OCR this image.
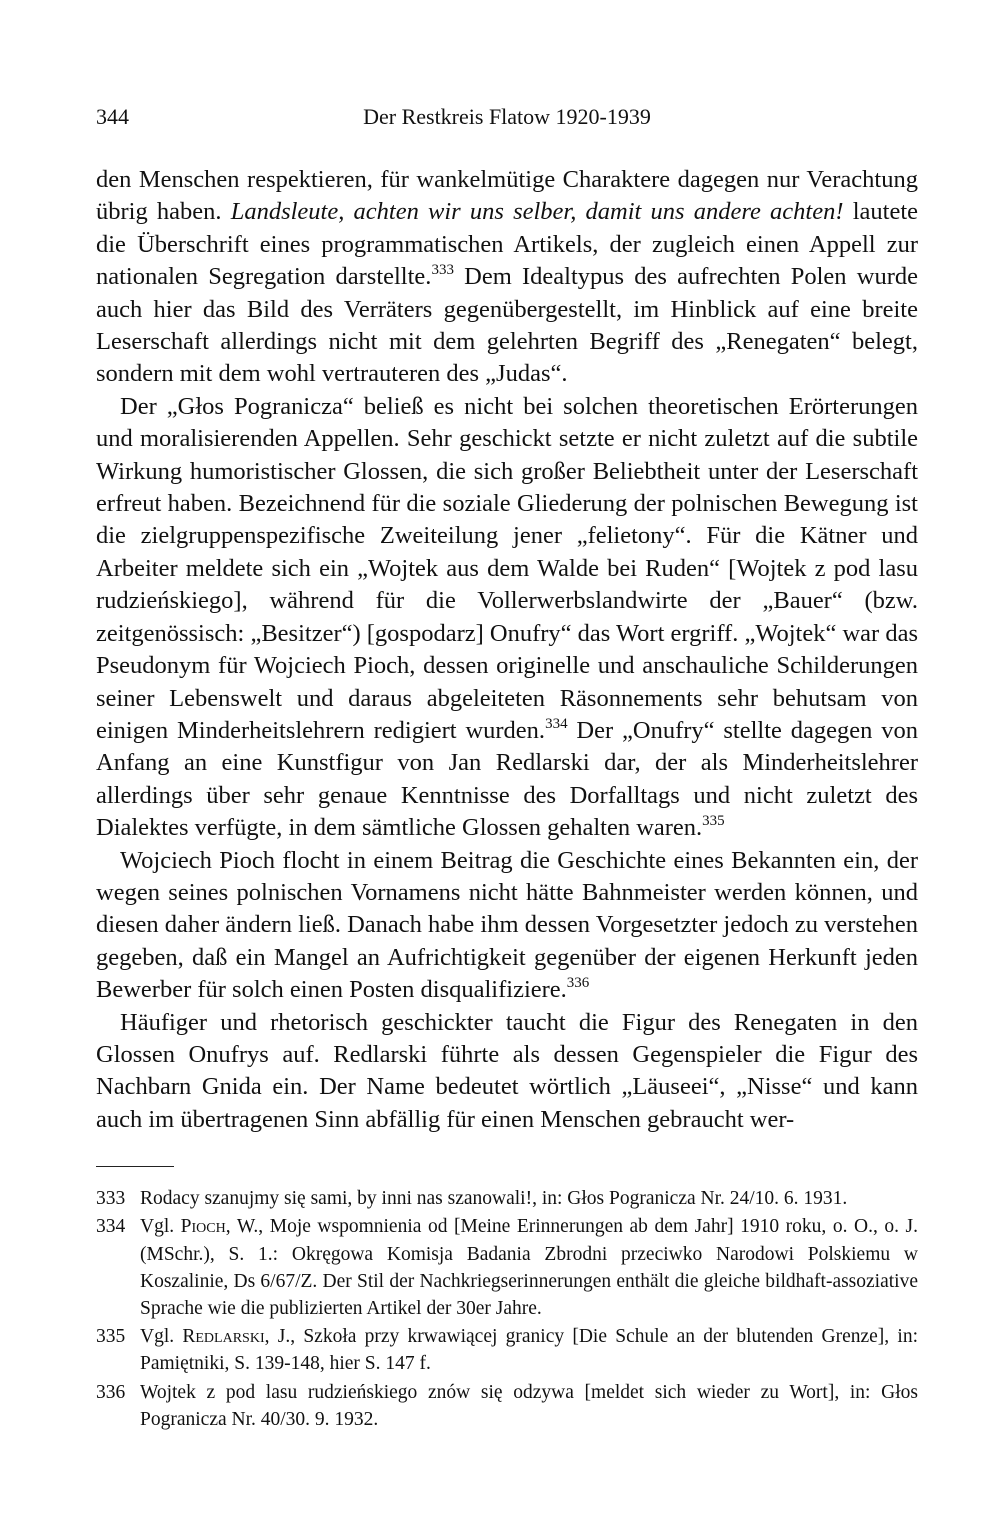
344	Der Restkreis Flatow 1920-1939

den Menschen respektieren, für wankelmütige Charaktere dagegen nur Verachtung übrig haben. Landsleute, achten wir uns selber, damit uns andere achten! lautete die Überschrift eines programmatischen Artikels, der zugleich einen Appell zur nationalen Segregation darstellte.$^{333}$ Dem Idealtypus des aufrechten Polen wurde auch hier das Bild des Verräters gegenübergestellt, im Hinblick auf eine breite Leserschaft allerdings nicht mit dem gelehrten Begriff des „Renegaten“ belegt, sondern mit dem wohl vertrauteren des „Judas“.

Der „Głos Pogranicza“ beließ es nicht bei solchen theoretischen Erörterungen und moralisierenden Appellen. Sehr geschickt setzte er nicht zuletzt auf die subtile Wirkung humoristischer Glossen, die sich großer Beliebtheit unter der Leserschaft erfreut haben. Bezeichnend für die soziale Gliederung der polnischen Bewegung ist die zielgruppenspezifische Zweiteilung jener „felietony“. Für die Kätner und Arbeiter meldete sich ein „Wojtek aus dem Walde bei Ruden“ [Wojtek z pod lasu rudzieńskiego], während für die Vollerwerbslandwirte der „Bauer“ (bzw. zeitgenössisch: „Besitzer“) [gospodarz] Onufry“ das Wort ergriff. „Wojtek“ war das Pseudonym für Wojciech Pioch, dessen originelle und anschauliche Schilderungen seiner Lebenswelt und daraus abgeleiteten Räsonnements sehr behutsam von einigen Minderheitslehrern redigiert wurden.$^{334}$ Der „Onufry“ stellte dagegen von Anfang an eine Kunstfigur von Jan Redlarski dar, der als Minderheitslehrer allerdings über sehr genaue Kenntnisse des Dorfalltags und nicht zuletzt des Dialektes verfügte, in dem sämtliche Glossen gehalten waren.$^{335}$

Wojciech Pioch flocht in einem Beitrag die Geschichte eines Bekannten ein, der wegen seines polnischen Vornamens nicht hätte Bahnmeister werden können, und diesen daher ändern ließ. Danach habe ihm dessen Vorgesetzter jedoch zu verstehen gegeben, daß ein Mangel an Aufrichtigkeit gegenüber der eigenen Herkunft jeden Bewerber für solch einen Posten disqualifiziere.$^{336}$

Häufiger und rhetorisch geschickter taucht die Figur des Renegaten in den Glossen Onufrys auf. Redlarski führte als dessen Gegenspieler die Figur des Nachbarn Gnida ein. Der Name bedeutet wörtlich „Läuseei“, „Nisse“ und kann auch im übertragenen Sinn abfällig für einen Menschen gebraucht wer-

333 Rodacy szanujmy się sami, by inni nas szanowali!, in: Głos Pogranicza Nr. 24/10. 6. 1931.
334 Vgl. Pioch, W., Moje wspomnienia od [Meine Erinnerungen ab dem Jahr] 1910 roku, o. O., o. J. (MSchr.), S. 1.: Okręgowa Komisja Badania Zbrodni przeciwko Narodowi Polskiemu w Koszalinie, Ds 6/67/Z. Der Stil der Nachkriegserinnerungen enthält die gleiche bildhaft-assoziative Sprache wie die publizierten Artikel der 30er Jahre.
335 Vgl. Redlarski, J., Szkoła przy krwawiącej granicy [Die Schule an der blutenden Grenze], in: Pamiętniki, S. 139-148, hier S. 147 f.
336 Wojtek z pod lasu rudzieńskiego znów się odzywa [meldet sich wieder zu Wort], in: Głos Pogranicza Nr. 40/30. 9. 1932.
